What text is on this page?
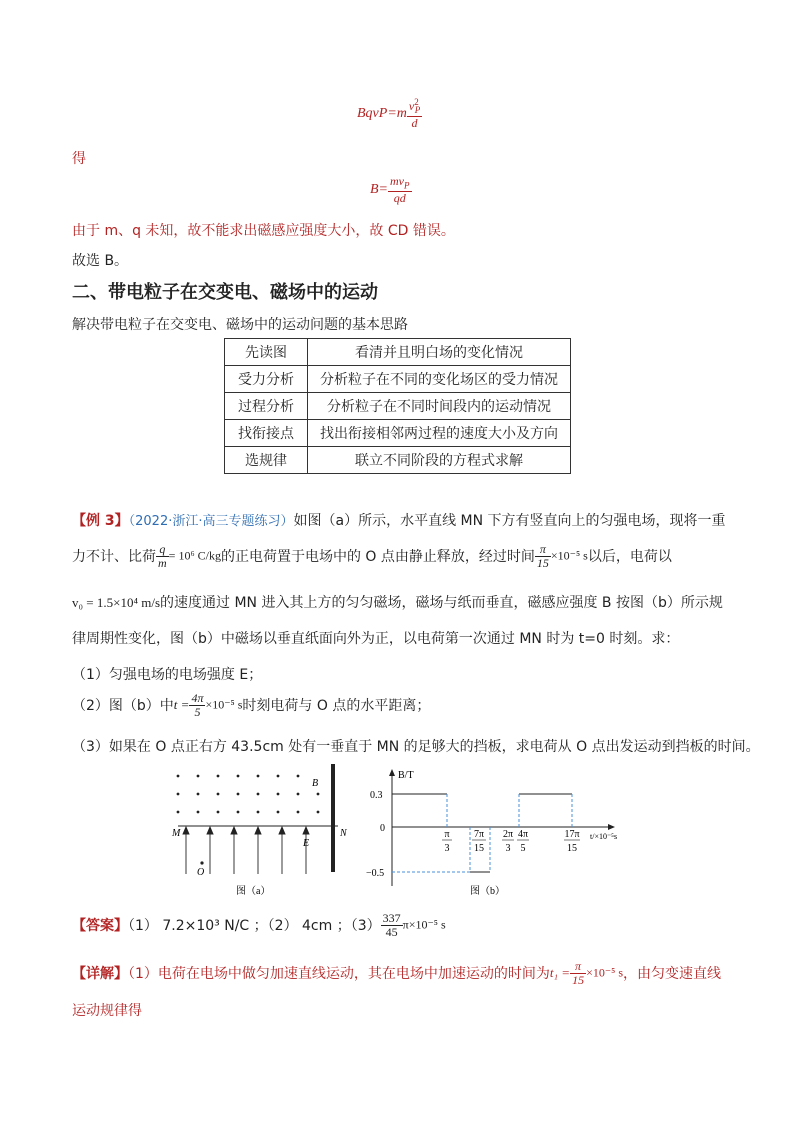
BqvP=m $\frac{v^2_P}{d}$
得
$B= \frac{mv_P}{qd}$
由于 m、q 未知，故不能求出磁感应强度大小，故 CD 错误。
故选 B。
二、带电粒子在交变电、磁场中的运动
解决带电粒子在交变电、磁场中的运动问题的基本思路
先读图	看清并且明白场的变化情况
受力分析	分析粒子在不同的变化场区的受力情况
过程分析	分析粒子在不同时间段内的运动情况
找衔接点	找出衔接相邻两过程的速度大小及方向
选规律	联立不同阶段的方程式求解
【例 3】（2022·浙江·高三专题练习）如图（a）所示，水平直线 MN 下方有竖直向上的匀强电场，现将一重
力不计、比荷 $\frac{q}{m} = 10^6$ C/kg的正电荷置于电场中的 O 点由静止释放，经过时间 $\frac{\pi}{15} \times 10^{-5}$ s以后，电荷以
v₀ = 1.5×10⁴ m/s的速度通过 MN 进入其上方的匀匀磁场，磁场与纸而垂直，磁感应强度 B 按图（b）所示规
律周期性变化，图（b）中磁场以垂直纸面向外为正，以电荷第一次通过 MN 时为 t=0 时刻。求：
（1）匀强电场的电场强度 E；
（2）图（b）中$t = \frac{4\pi}{5} \times 10^{-5}$ s时刻电荷与 O 点的水平距离；
（3）如果在 O 点正右方 43.5cm 处有一垂直于 MN 的足够大的挡板，求电荷从 O 点出发运动到挡板的时间。
B
M	N
E
O
图（a）
B/T
t/×10⁻⁵s
0.3
0
−0.5
π
3
7π
15
2π
3
4π
5
17π
15
图（b）
【答案】（1） 7.2×10³ N/C ；（2） 4cm ；$(3) \frac{337}{45} \pi\times 10^{-5}$ s
【详解】（1）电荷在电场中做匀加速直线运动，其在电场中加速运动的时间为$t_1 = \frac{\pi}{15} \times 10^{-5}$ s，由匀变速直线
运动规律得
